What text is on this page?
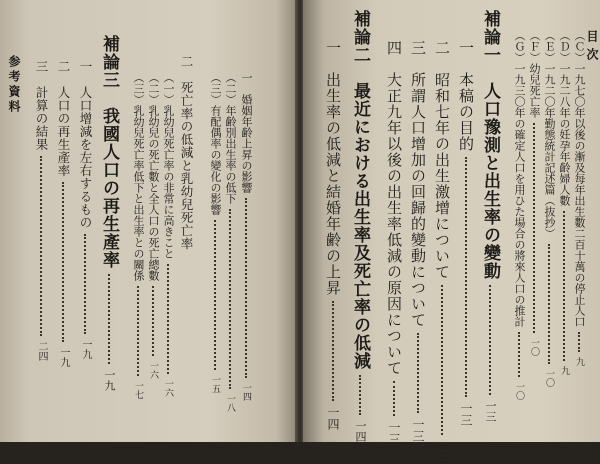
参考資料 三　計算の結果  二四
二　人口の再生產率  一九
一　人口增減を左右するもの  一九
補論三　我國人口の再生產率  一九
（三）乳幼兒死亡率低下と出生率との關係  一七
（二）乳幼兒の死亡數と全人口の死亡總數  一六
（一）乳幼兒死亡率の非常に高きこと  一六
二　死亡率の低減と乳幼兒死亡率 （三）有配偶率の變化の影響  一五
（二）年齢別出生率の低下  一八
一　婚姻年齢上昇の影響  一四
一　出生率の低減と結婚年齢の上昇  一四
補論二　最近における出生率及死亡率の低減  一四
四　大正九年以後の出生率低減の原因について  一三
三　所謂人口增加の回歸的變動について  一三
二　昭和七年の出生激增について  一三
一　本稿の目的  一三
補論一　人口豫測と出生率の變動  一三
（Ｇ）一九三〇年の確定人口を用ひた場合の將來人口の推計  一〇
（Ｆ）幼兒死亡率  一〇
（Ｅ）一九二〇年勤態統計記述篇（抜抄）  一〇
（Ｄ）一九二八年の妊孕年齡婦人數  九
（Ｃ）一九七〇年以後の漸及每年出生數二百十萬の停止人口  九
目次
